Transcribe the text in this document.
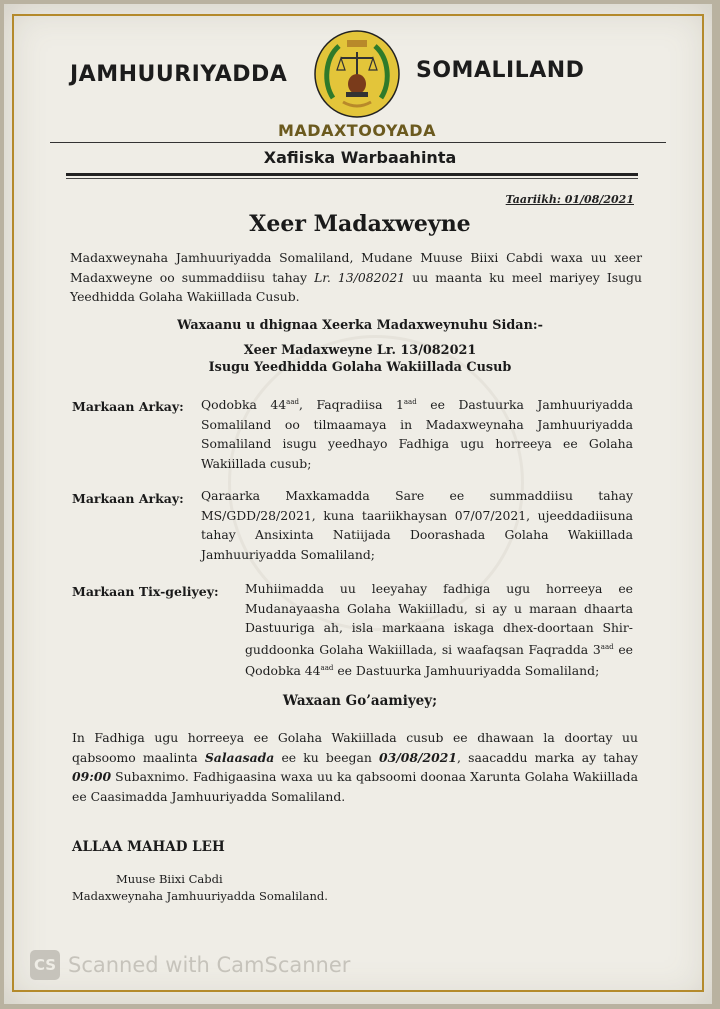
JAMHUURIYADDA	SOMALILAND
MADAXTOOYADA
Xafiiska Warbaahinta
Taariikh: 01/08/2021
Xeer Madaxweyne
Madaxweynaha Jamhuuriyadda Somaliland, Mudane Muuse Biixi Cabdi waxa uu xeer Madaxweyne oo summaddiisu tahay Lr. 13/082021 uu maanta ku meel mariyey Isugu Yeedhidda Golaha Wakiillada Cusub.
Waxaanu u dhignaa Xeerka Madaxweynuhu Sidan:-
Xeer Madaxweyne Lr. 13/082021
Isugu Yeedhidda Golaha Wakiillada Cusub
Markaan Arkay: Qodobka $44^{aad}$, Faqradiisa $1^{aad}$ ee Dastuurka Jamhuuriyadda Somaliland oo tilmaamaya in Madaxweynaha Jamhuuriyadda Somaliland isugu yeedhayo Fadhiga ugu horreeya ee Golaha Wakiillada cusub;
Markaan Arkay: Qaraarka Maxkamadda Sare ee summaddiisu tahay MS/GDD/28/2021, kuna taariikhaysan 07/07/2021, ujeeddadiisuna tahay Ansixinta Natiijada Doorashada Golaha Wakiillada Jamhuuriyadda Somaliland;
Markaan Tix-geliyey: Muhiimadda uu leeyahay fadhiga ugu horreeya ee Mudanayaasha Golaha Wakiilladu, si ay u maraan dhaarta Dastuuriga ah, isla markaana iskaga dhex-doortaan Shir-guddoonka Golaha Wakiillada, si waafaqsan Faqradda $3^{aad}$ ee Qodobka $44^{aad}$ ee Dastuurka Jamhuuriyadda Somaliland;
Waxaan Go’aamiyey;
In Fadhiga ugu horreeya ee Golaha Wakiillada cusub ee dhawaan la doortay uu qabsoomo maalinta Salaasada ee ku beegan 03/08/2021, saacaddu marka ay tahay 09:00 Subaxnimo. Fadhigaasina waxa uu ka qabsoomi doonaa Xarunta Golaha Wakiillada ee Caasimadda Jamhuuriyadda Somaliland.
ALLAA MAHAD LEH
Muuse Biixi Cabdi
Madaxweynaha Jamhuuriyadda Somaliland.
CS Scanned with CamScanner
